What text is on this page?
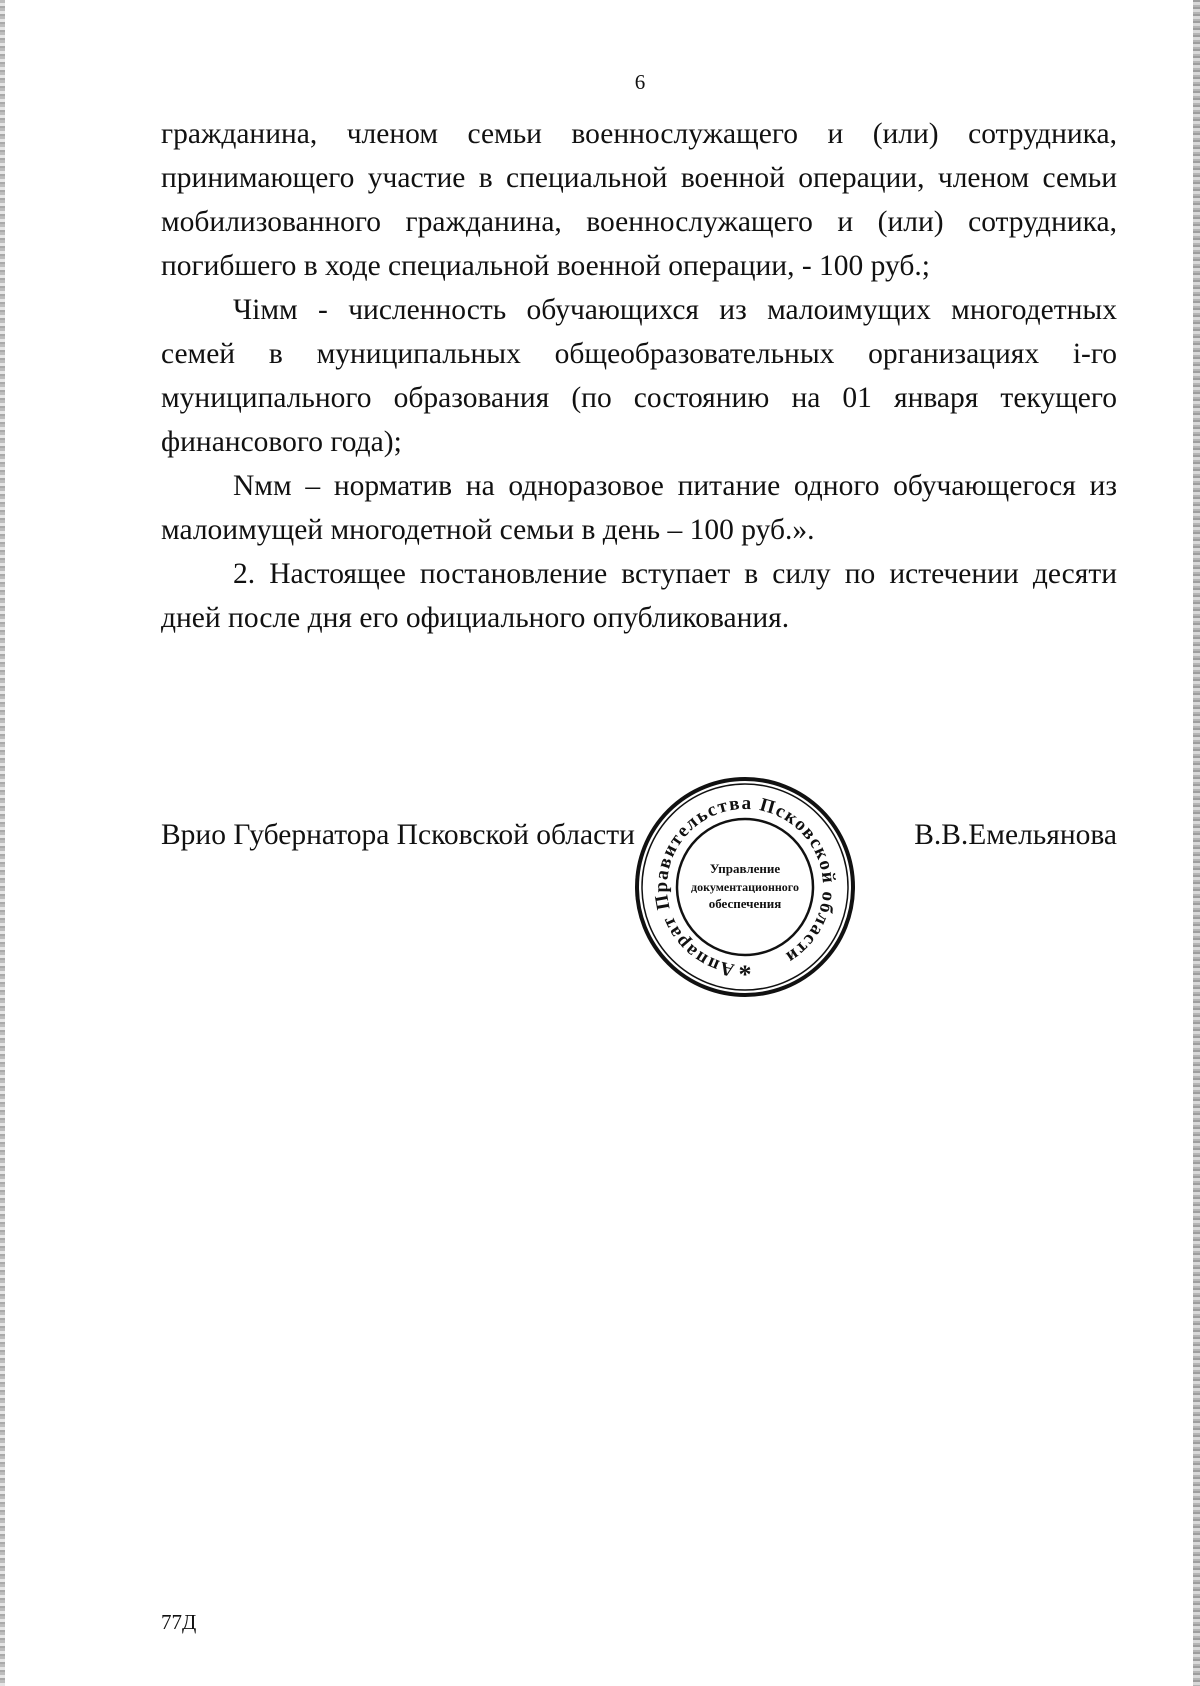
6

гражданина, членом семьи военнослужащего и (или) сотрудника, принимающего участие в специальной военной операции, членом семьи мобилизованного гражданина, военнослужащего и (или) сотрудника, погибшего в ходе специальной военной операции, - 100 руб.;

Чiмм - численность обучающихся из малоимущих многодетных семей в муниципальных общеобразовательных организациях i-го муниципального образования (по состоянию на 01 января текущего финансового года);

Nмм – норматив на одноразовое питание одного обучающегося из малоимущей многодетной семьи в день – 100 руб.».

2. Настоящее постановление вступает в силу по истечении десяти дней после дня его официального опубликования.

Врио Губернатора Псковской области	В.В.Емельянова
Аппарат Правительства Псковской области
Управление
документационного
обеспечения
*
77Д
